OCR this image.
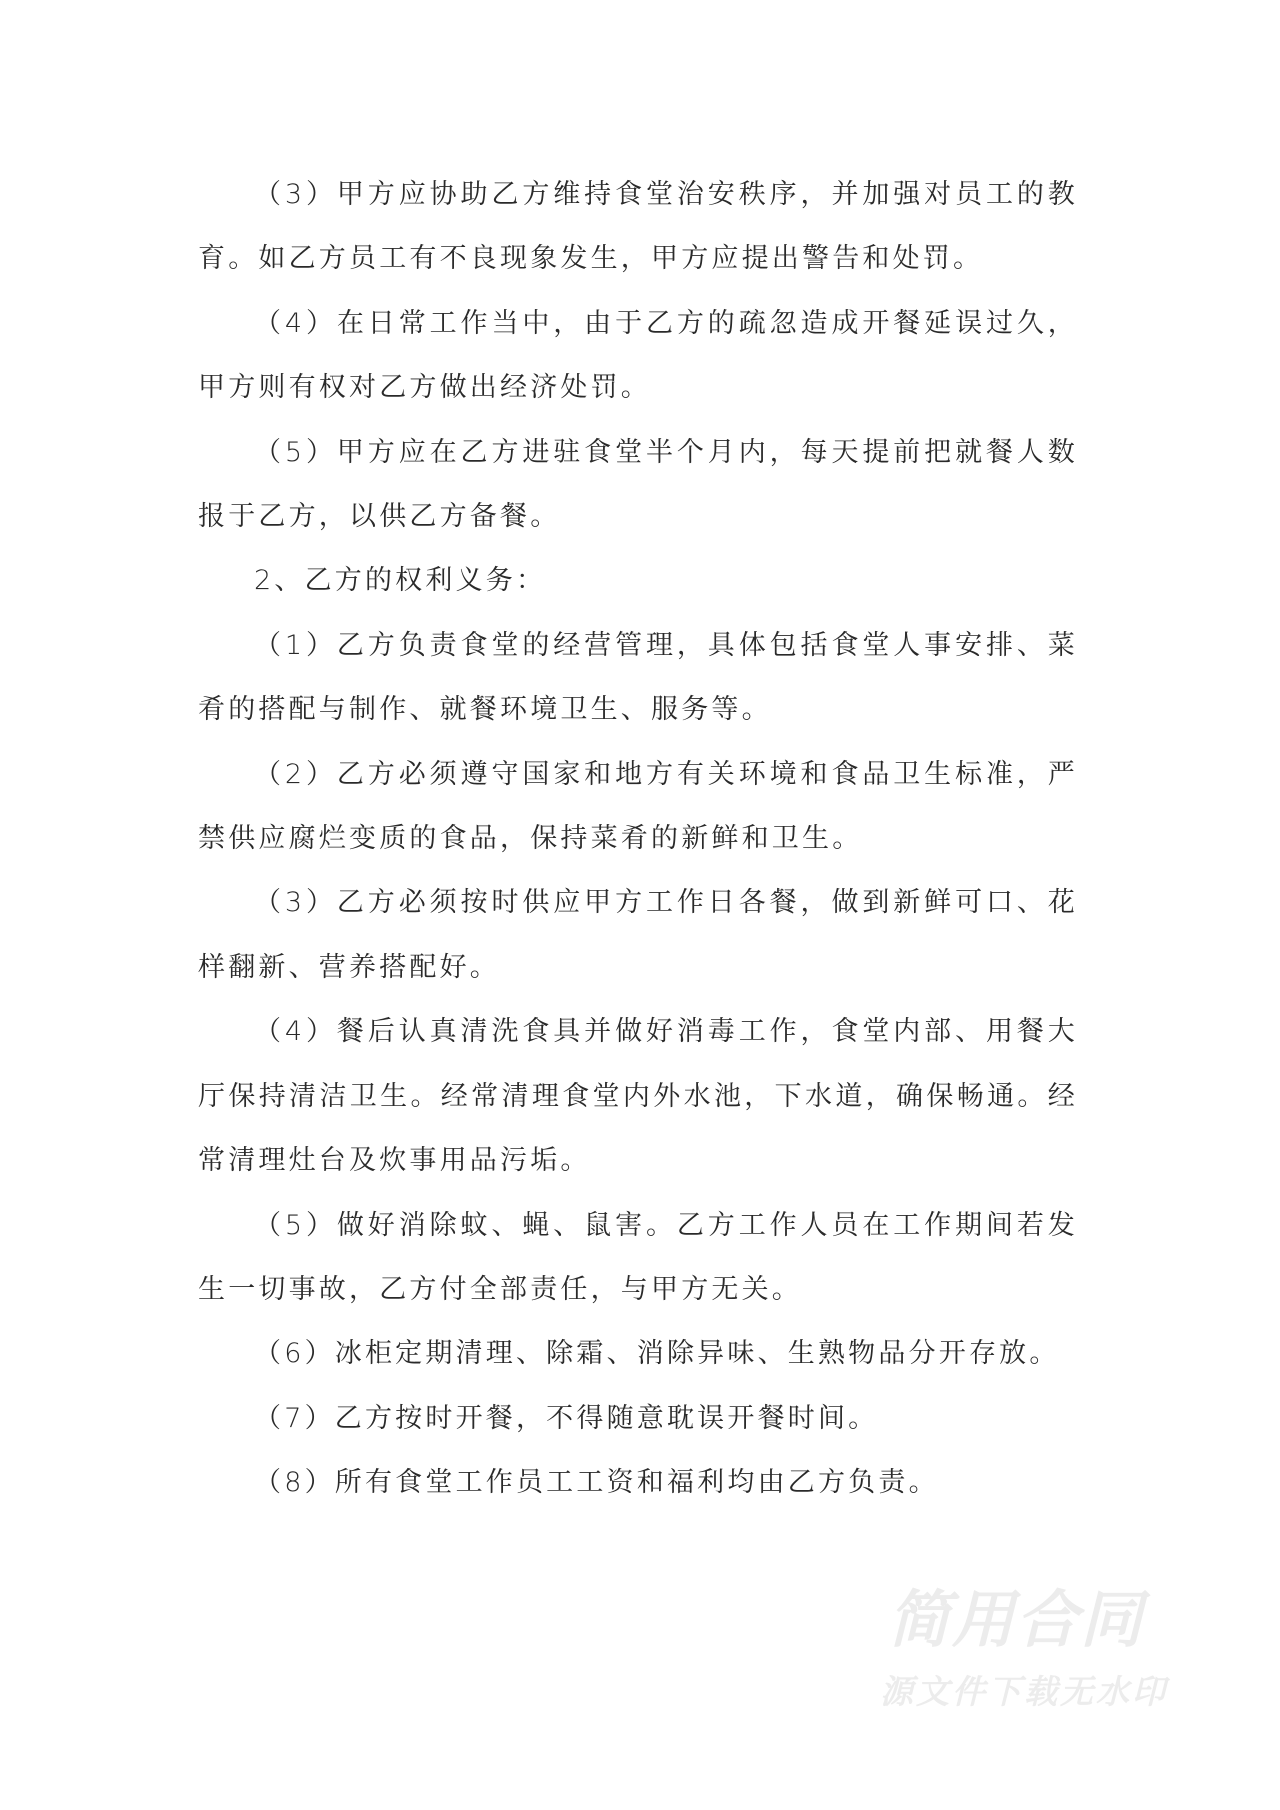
（3）甲方应协助乙方维持食堂治安秩序，并加强对员工的教育。如乙方员工有不良现象发生，甲方应提出警告和处罚。

（4）在日常工作当中，由于乙方的疏忽造成开餐延误过久，甲方则有权对乙方做出经济处罚。

（5）甲方应在乙方进驻食堂半个月内，每天提前把就餐人数报于乙方，以供乙方备餐。

2、乙方的权利义务：

（1）乙方负责食堂的经营管理，具体包括食堂人事安排、菜肴的搭配与制作、就餐环境卫生、服务等。

（2）乙方必须遵守国家和地方有关环境和食品卫生标准，严禁供应腐烂变质的食品，保持菜肴的新鲜和卫生。

（3）乙方必须按时供应甲方工作日各餐，做到新鲜可口、花样翻新、营养搭配好。

（4）餐后认真清洗食具并做好消毒工作，食堂内部、用餐大厅保持清洁卫生。经常清理食堂内外水池，下水道，确保畅通。经常清理灶台及炊事用品污垢。

（5）做好消除蚊、蝇、鼠害。乙方工作人员在工作期间若发生一切事故，乙方付全部责任，与甲方无关。

（6）冰柜定期清理、除霜、消除异味、生熟物品分开存放。

（7）乙方按时开餐，不得随意耽误开餐时间。

（8）所有食堂工作员工工资和福利均由乙方负责。

简用合同
源文件下载无水印
